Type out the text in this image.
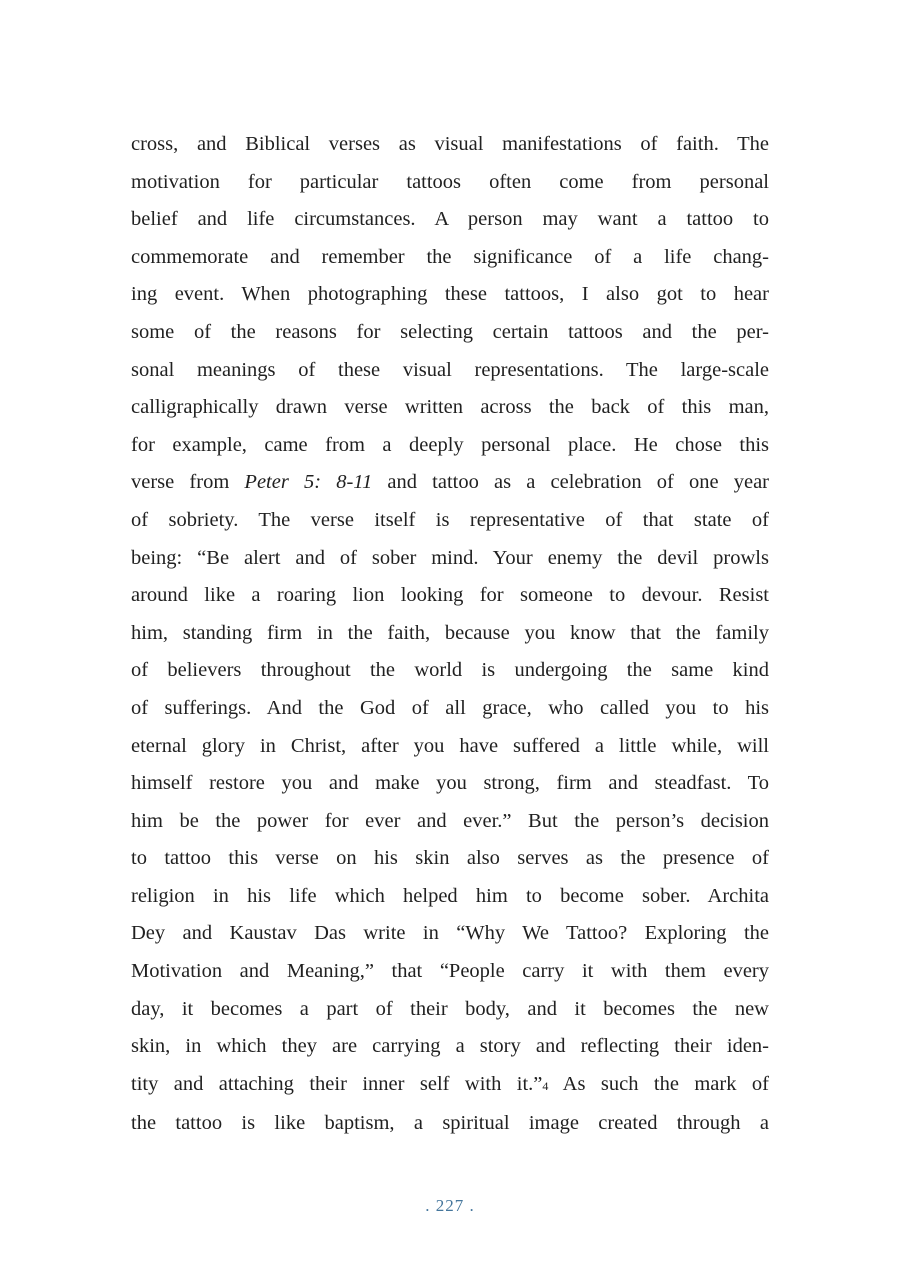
cross, and Biblical verses as visual manifestations of faith. The
motivation for particular tattoos often come from personal
belief and life circumstances. A person may want a tattoo to
commemorate and remember the significance of a life chang-
ing event. When photographing these tattoos, I also got to hear
some of the reasons for selecting certain tattoos and the per-
sonal meanings of these visual representations. The large-scale
calligraphically drawn verse written across the back of this man,
for example, came from a deeply personal place. He chose this
verse from Peter 5: 8-11 and tattoo as a celebration of one year
of sobriety. The verse itself is representative of that state of
being: “Be alert and of sober mind. Your enemy the devil prowls
around like a roaring lion looking for someone to devour. Resist
him, standing firm in the faith, because you know that the family
of believers throughout the world is undergoing the same kind
of sufferings. And the God of all grace, who called you to his
eternal glory in Christ, after you have suffered a little while, will
himself restore you and make you strong, firm and steadfast. To
him be the power for ever and ever.” But the person’s decision
to tattoo this verse on his skin also serves as the presence of
religion in his life which helped him to become sober. Archita
Dey and Kaustav Das write in “Why We Tattoo? Exploring the
Motivation and Meaning,” that “People carry it with them every
day, it becomes a part of their body, and it becomes the new
skin, in which they are carrying a story and reflecting their iden-
tity and attaching their inner self with it.”4 As such the mark of
the tattoo is like baptism, a spiritual image created through a
. 227 .
